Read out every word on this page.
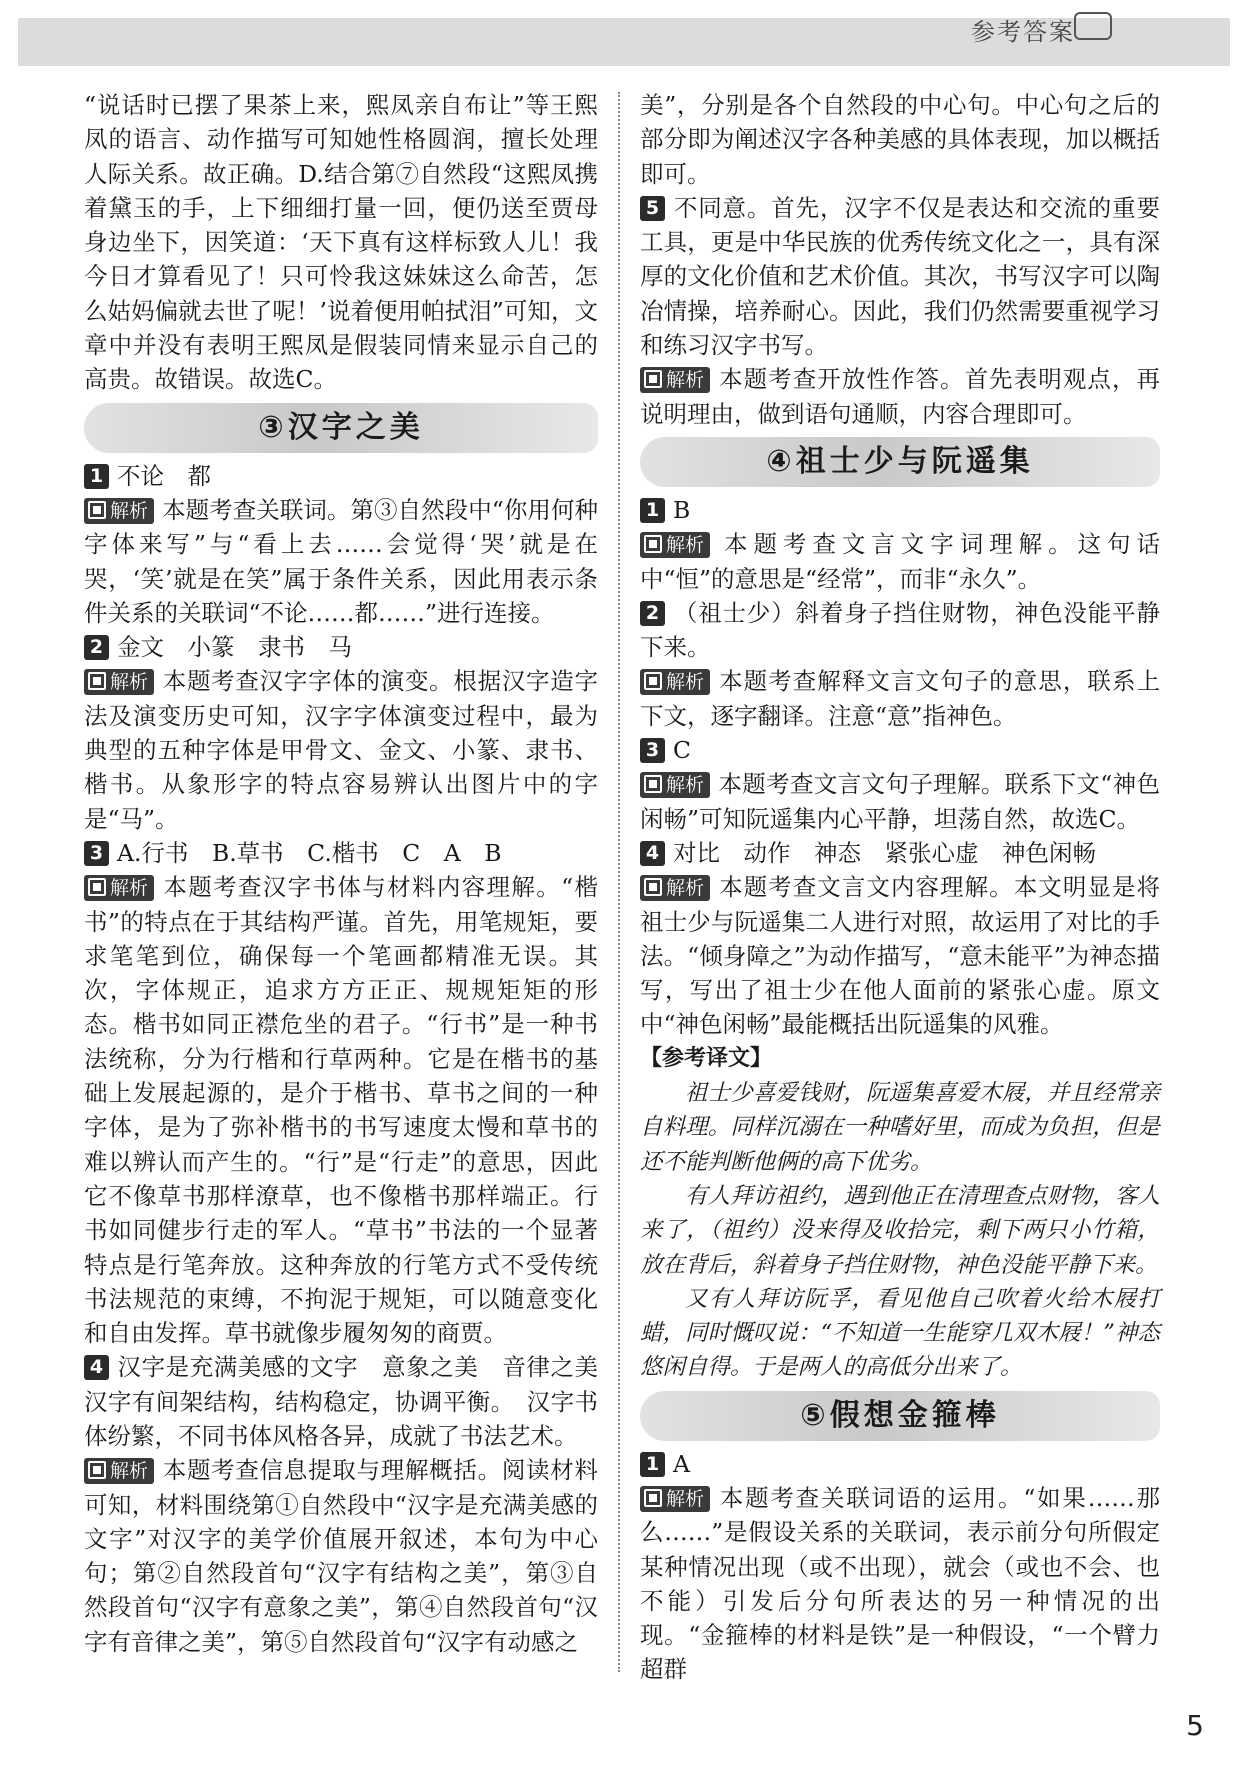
参考答案

“说话时已摆了果茶上来，熙凤亲自布让”等王熙凤的语言、动作描写可知她性格圆润，擅长处理人际关系。故正确。D.结合第⑦自然段“这熙凤携着黛玉的手，上下细细打量一回，便仍送至贾母身边坐下，因笑道：‘天下真有这样标致人儿！我今日才算看见了！只可怜我这妹妹这么命苦，怎么姑妈偏就去世了呢！’说着便用帕拭泪”可知，文章中并没有表明王熙凤是假装同情来显示自己的高贵。故错误。故选C。

③汉字之美

1 不论　都

解析 本题考查关联词。第③自然段中“你用何种字体来写”与“看上去……会觉得‘哭’就是在哭，‘笑’就是在笑”属于条件关系，因此用表示条件关系的关联词“不论……都……”进行连接。

2 金文　小篆　隶书　马

解析 本题考查汉字字体的演变。根据汉字造字法及演变历史可知，汉字字体演变过程中，最为典型的五种字体是甲骨文、金文、小篆、隶书、楷书。从象形字的特点容易辨认出图片中的字是“马”。

3 A.行书　B.草书　C.楷书　C　A　B

解析 本题考查汉字书体与材料内容理解。“楷书”的特点在于其结构严谨。首先，用笔规矩，要求笔笔到位，确保每一个笔画都精准无误。其次，字体规正，追求方方正正、规规矩矩的形态。楷书如同正襟危坐的君子。“行书”是一种书法统称，分为行楷和行草两种。它是在楷书的基础上发展起源的，是介于楷书、草书之间的一种字体，是为了弥补楷书的书写速度太慢和草书的难以辨认而产生的。“行”是“行走”的意思，因此它不像草书那样潦草，也不像楷书那样端正。行书如同健步行走的军人。“草书”书法的一个显著特点是行笔奔放。这种奔放的行笔方式不受传统书法规范的束缚，不拘泥于规矩，可以随意变化和自由发挥。草书就像步履匆匆的商贾。

4 汉字是充满美感的文字　意象之美　音律之美　汉字有间架结构，结构稳定，协调平衡。　汉字书体纷繁，不同书体风格各异，成就了书法艺术。

解析 本题考查信息提取与理解概括。阅读材料可知，材料围绕第①自然段中“汉字是充满美感的文字”对汉字的美学价值展开叙述，本句为中心句；第②自然段首句“汉字有结构之美”，第③自然段首句“汉字有意象之美”，第④自然段首句“汉字有音律之美”，第⑤自然段首句“汉字有动感之

美”，分别是各个自然段的中心句。中心句之后的部分即为阐述汉字各种美感的具体表现，加以概括即可。

5 不同意。首先，汉字不仅是表达和交流的重要工具，更是中华民族的优秀传统文化之一，具有深厚的文化价值和艺术价值。其次，书写汉字可以陶冶情操，培养耐心。因此，我们仍然需要重视学习和练习汉字书写。

解析 本题考查开放性作答。首先表明观点，再说明理由，做到语句通顺，内容合理即可。

④祖士少与阮遥集

1 B

解析 本题考查文言文字词理解。这句话中“恒”的意思是“经常”，而非“永久”。

2 （祖士少）斜着身子挡住财物，神色没能平静下来。

解析 本题考查解释文言文句子的意思，联系上下文，逐字翻译。注意“意”指神色。

3 C

解析 本题考查文言文句子理解。联系下文“神色闲畅”可知阮遥集内心平静，坦荡自然，故选C。

4 对比　动作　神态　紧张心虚　神色闲畅

解析 本题考查文言文内容理解。本文明显是将祖士少与阮遥集二人进行对照，故运用了对比的手法。“倾身障之”为动作描写，“意未能平”为神态描写，写出了祖士少在他人面前的紧张心虚。原文中“神色闲畅”最能概括出阮遥集的风雅。

【参考译文】

祖士少喜爱钱财，阮遥集喜爱木屐，并且经常亲自料理。同样沉溺在一种嗜好里，而成为负担，但是还不能判断他俩的高下优劣。

有人拜访祖约，遇到他正在清理查点财物，客人来了，（祖约）没来得及收拾完，剩下两只小竹箱，放在背后，斜着身子挡住财物，神色没能平静下来。

又有人拜访阮孚，看见他自己吹着火给木屐打蜡，同时慨叹说：“不知道一生能穿几双木屐！”神态悠闲自得。于是两人的高低分出来了。

⑤假想金箍棒

1 A

解析 本题考查关联词语的运用。“如果……那么……”是假设关系的关联词，表示前分句所假定某种情况出现（或不出现），就会（或也不会、也不能）引发后分句所表达的另一种情况的出现。“金箍棒的材料是铁”是一种假设，“一个臂力超群

5
